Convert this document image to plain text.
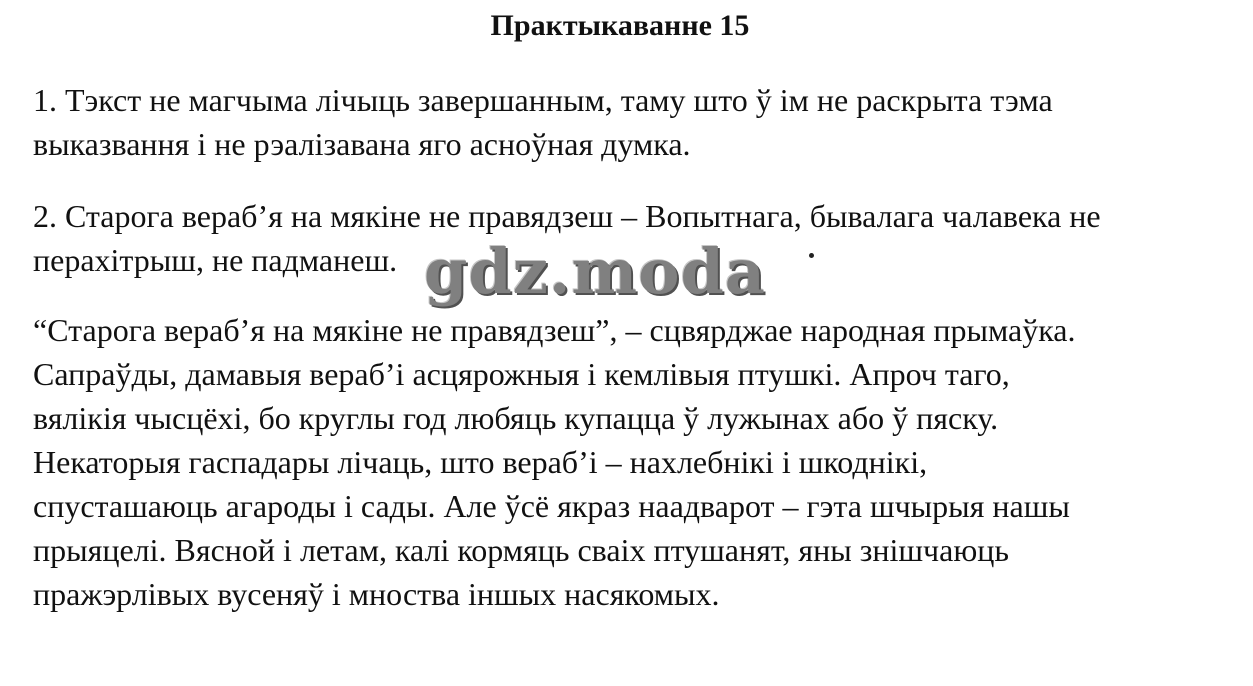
Практыкаванне 15

1. Тэкст не магчыма лічыць завершанным, таму што ў ім не раскрыта тэма
выказвання і не рэалізавана яго асноўная думка.

2. Старога вераб’я на мякіне не правядзеш – Вопытнага, бывалага чалавека не
перахітрыш, не падманеш.

“Старога вераб’я на мякіне не правядзеш”, – сцвярджае народная прымаўка.
Сапраўды, дамавыя вераб’і асцярожныя і кемлівыя птушкі. Апроч таго,
вялікія чысцёхі, бо круглы год любяць купацца ў лужынах або ў пяску.
Некаторыя гаспадары лічаць, што вераб’і – нахлебнікі і шкоднікі,
спусташаюць агароды і сады. Але ўсё якраз наадварот – гэта шчырыя нашы
прыяцелі. Вясной і летам, калі кормяць сваіх птушанят, яны знішчаюць
пражэрлівых вусеняў і мноства іншых насякомых.

gdz.moda
